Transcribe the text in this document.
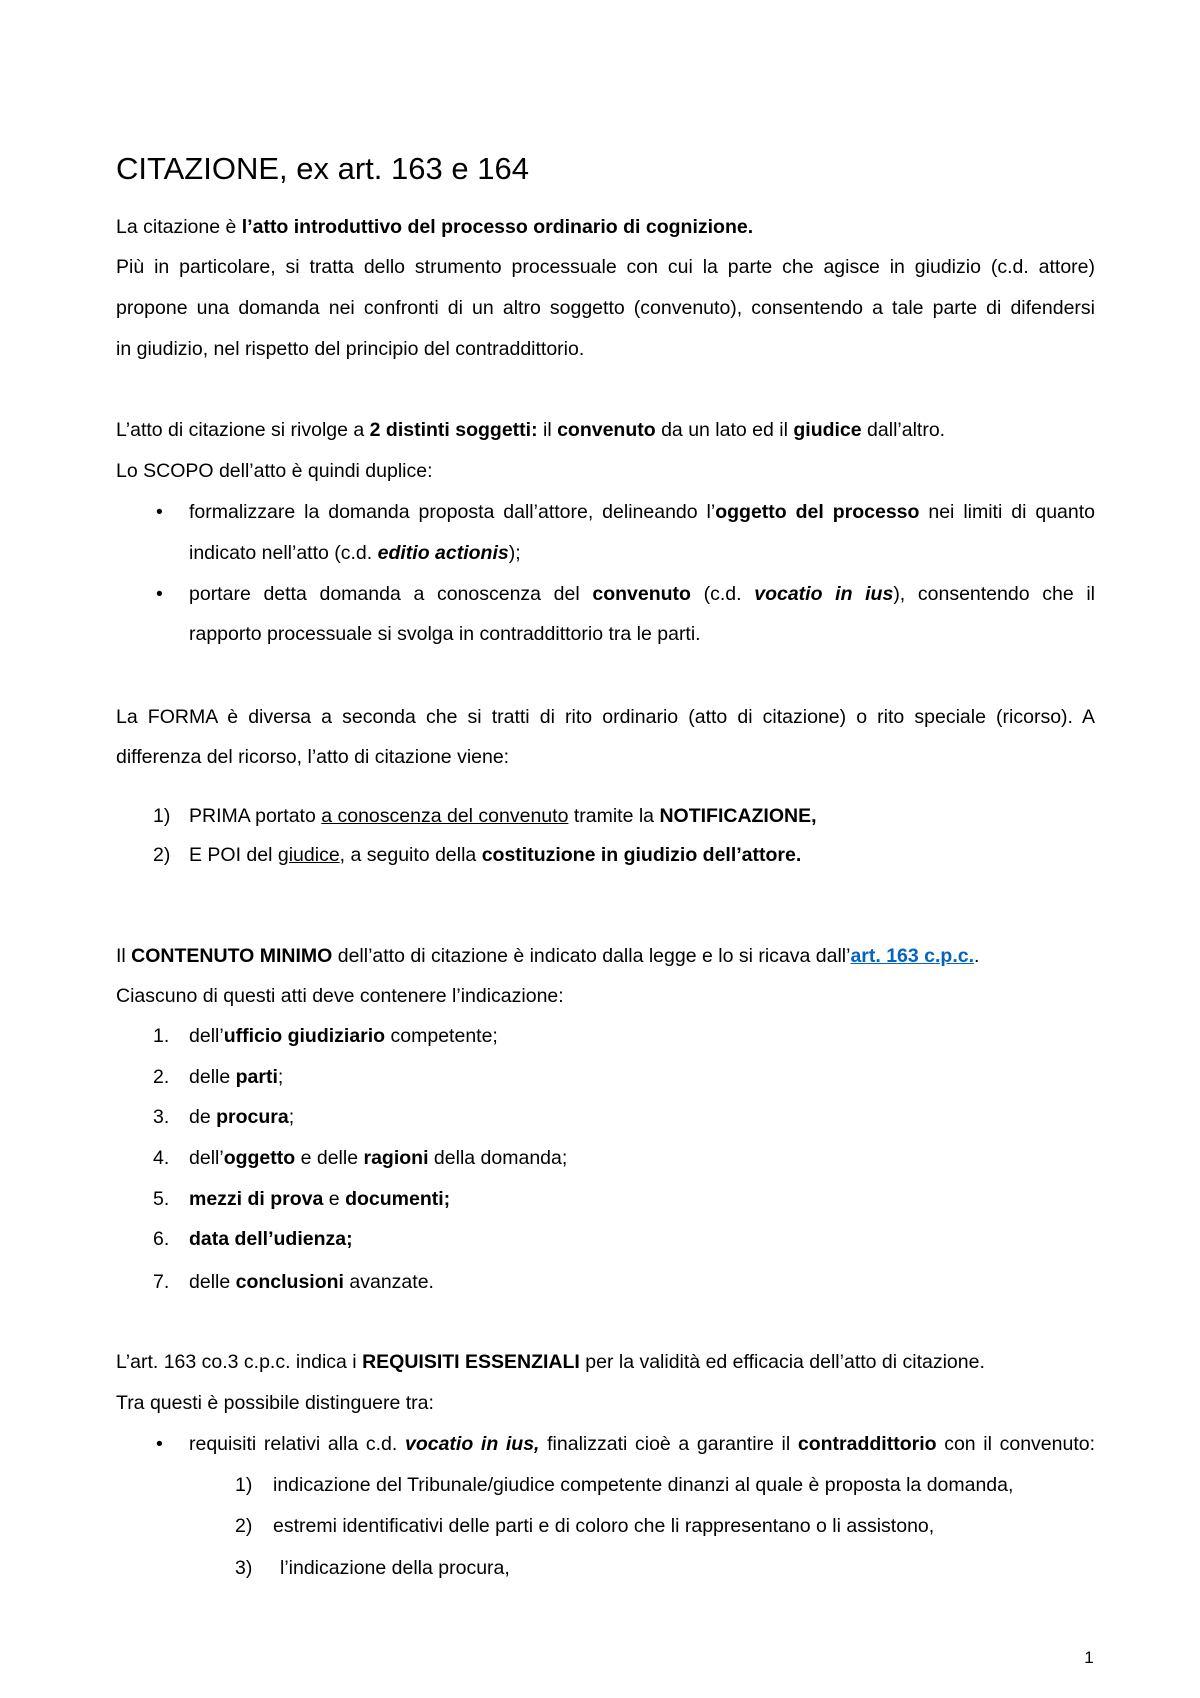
CITAZIONE, ex art. 163 e 164
La citazione è l’atto introduttivo del processo ordinario di cognizione.
Più in particolare, si tratta dello strumento processuale con cui la parte che agisce in giudizio (c.d. attore)
propone una domanda nei confronti di un altro soggetto (convenuto), consentendo a tale parte di difendersi
in giudizio, nel rispetto del principio del contraddittorio.
L’atto di citazione si rivolge a 2 distinti soggetti: il convenuto da un lato ed il giudice dall’altro.
Lo SCOPO dell’atto è quindi duplice:
• formalizzare la domanda proposta dall’attore, delineando l’oggetto del processo nei limiti di quanto
indicato nell’atto (c.d. editio actionis);
• portare detta domanda a conoscenza del convenuto (c.d. vocatio in ius), consentendo che il
rapporto processuale si svolga in contraddittorio tra le parti.
La FORMA è diversa a seconda che si tratti di rito ordinario (atto di citazione) o rito speciale (ricorso). A
differenza del ricorso, l’atto di citazione viene:
1) PRIMA portato a conoscenza del convenuto tramite la NOTIFICAZIONE,
2) E POI del giudice, a seguito della costituzione in giudizio dell’attore.
Il CONTENUTO MINIMO dell’atto di citazione è indicato dalla legge e lo si ricava dall’art. 163 c.p.c..
Ciascuno di questi atti deve contenere l’indicazione:
1. dell’ufficio giudiziario competente;
2. delle parti;
3. de procura;
4. dell’oggetto e delle ragioni della domanda;
5. mezzi di prova e documenti;
6. data dell’udienza;
7. delle conclusioni avanzate.
L’art. 163 co.3 c.p.c. indica i REQUISITI ESSENZIALI per la validità ed efficacia dell’atto di citazione.
Tra questi è possibile distinguere tra:
• requisiti relativi alla c.d. vocatio in ius, finalizzati cioè a garantire il contraddittorio con il convenuto:
1) indicazione del Tribunale/giudice competente dinanzi al quale è proposta la domanda,
2) estremi identificativi delle parti e di coloro che li rappresentano o li assistono,
3) l’indicazione della procura,
1
